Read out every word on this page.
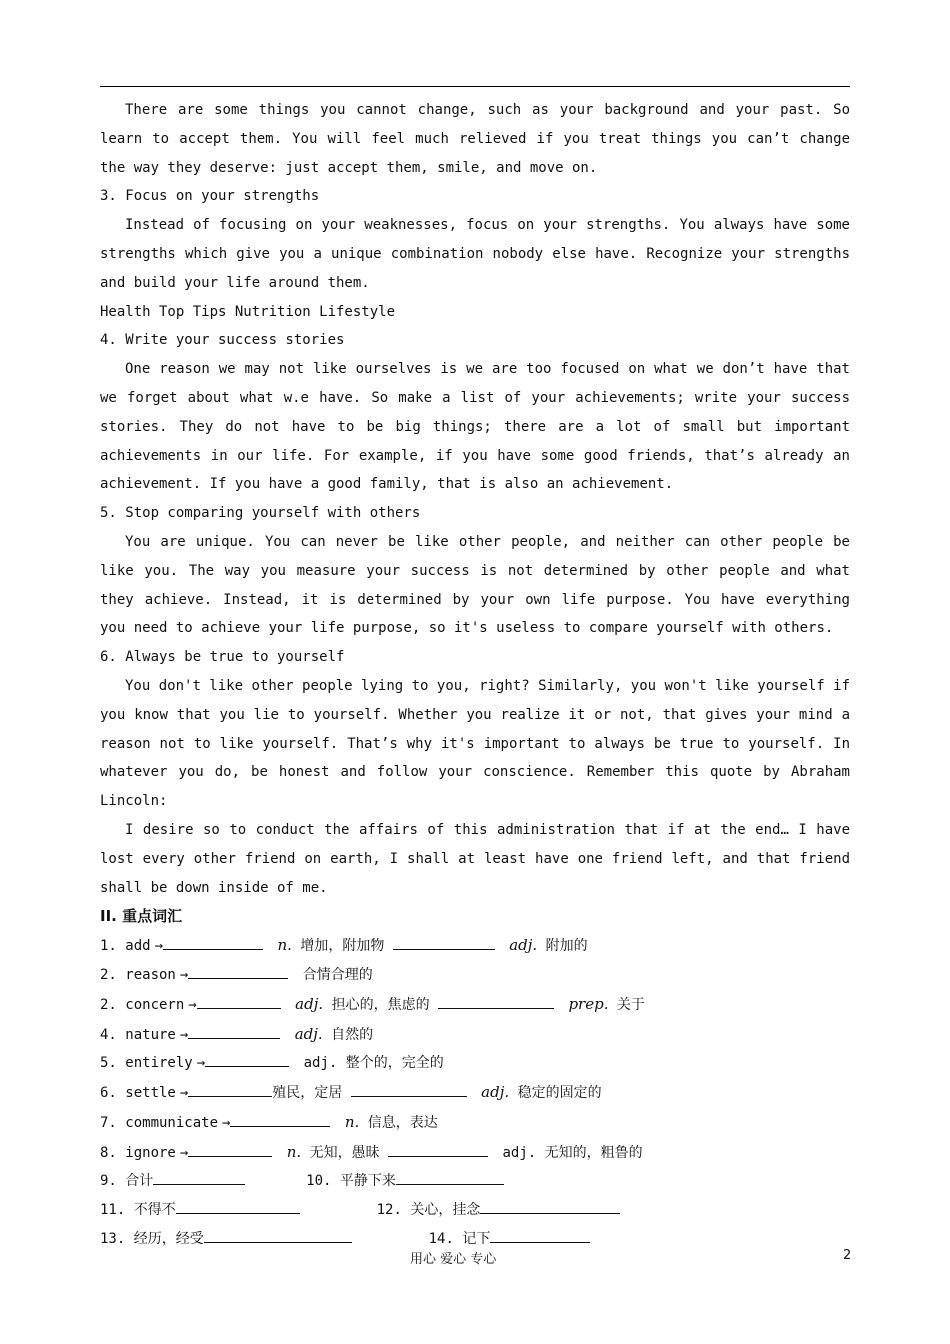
There are some things you cannot change, such as your background and your past. So learn to accept them. You will feel much relieved if you treat things you can’t change the way they deserve: just accept them, smile, and move on.

3. Focus on your strengths

Instead of focusing on your weaknesses, focus on your strengths. You always have some strengths which give you a unique combination nobody else have. Recognize your strengths and build your life around them.

Health Top Tips Nutrition Lifestyle

4. Write your success stories

One reason we may not like ourselves is we are too focused on what we don’t have that we forget about what w.e have. So make a list of your achievements; write your success stories. They do not have to be big things; there are a lot of small but important achievements in our life. For example, if you have some good friends, that’s already an achievement. If you have a good family, that is also an achievement.

5. Stop comparing yourself with others

You are unique. You can never be like other people, and neither can other people be like you. The way you measure your success is not determined by other people and what they achieve. Instead, it is determined by your own life purpose. You have everything you need to achieve your life purpose, so it's useless to compare yourself with others.

6. Always be true to yourself

You don't like other people lying to you, right? Similarly, you won't like yourself if you know that you lie to yourself. Whether you realize it or not, that gives your mind a reason not to like yourself. That’s why it's important to always be true to yourself. In whatever you do, be honest and follow your conscience. Remember this quote by Abraham Lincoln:

I desire so to conduct the affairs of this administration that if at the end… I have lost every other friend on earth, I shall at least have one friend left, and that friend shall be down inside of me.

II. 重点词汇

1. add →	n. 增加，附加物	adj. 附加的

2. reason →	合情合理的

2. concern →	adj. 担心的，焦虑的	prep. 关于

4. nature →	adj. 自然的

5. entirely →	adj. 整个的，完全的

6. settle →	殖民，定居	adj. 稳定的固定的

7. communicate →	n. 信息，表达

8. ignore →	n. 无知，愚昧	adj. 无知的，粗鲁的

9. 合计	10. 平静下来

11. 不得不	12. 关心，挂念

13. 经历，经受	14. 记下

用心 爱心 专心	2
